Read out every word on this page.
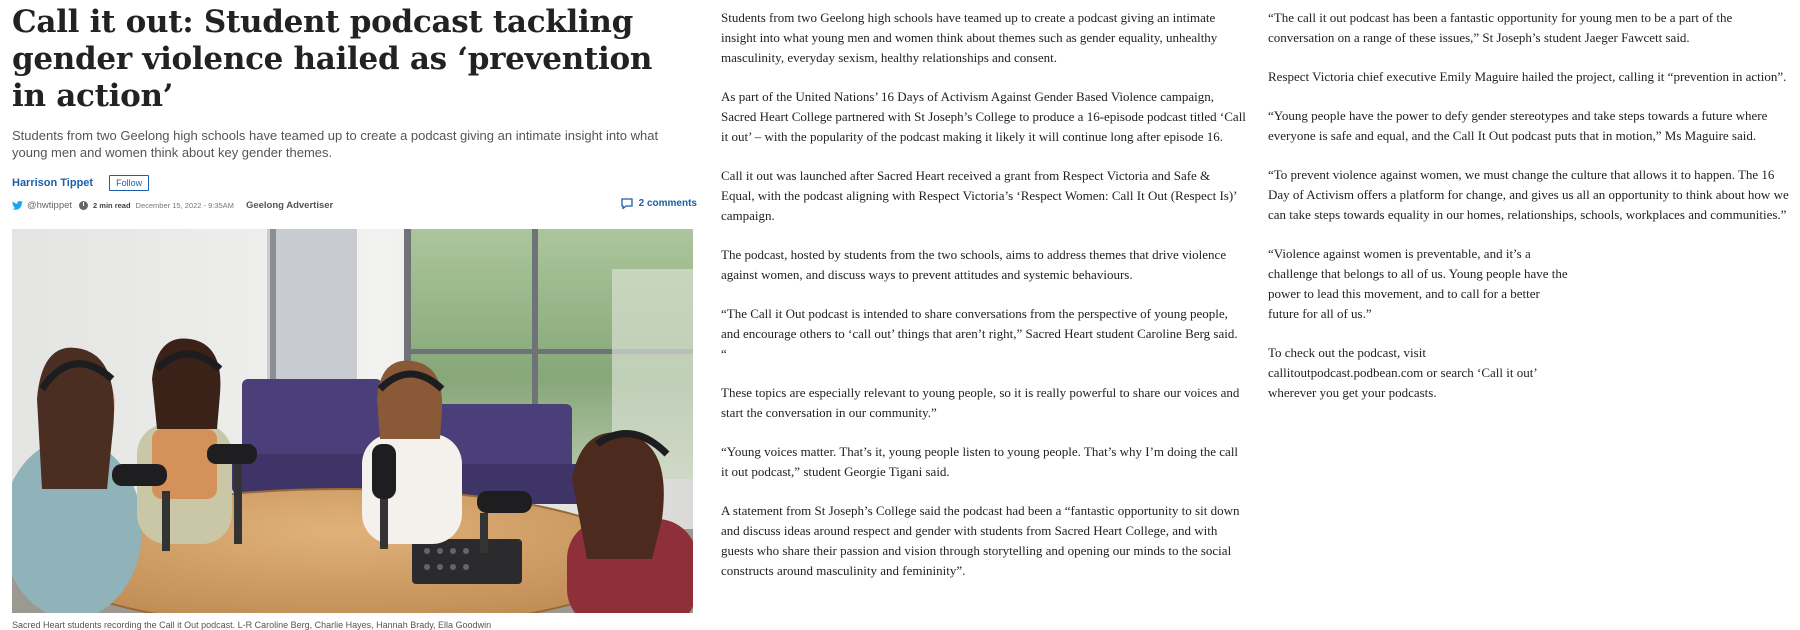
Call it out: Student podcast tackling gender violence hailed as ‘prevention in action’

Students from two Geelong high schools have teamed up to create a podcast giving an intimate insight into what young men and women think about key gender themes.

Harrison Tippet	Follow
@hwtippet	2 min read December 15, 2022 - 9:35AM Geelong Advertiser	2 comments
Sacred Heart students recording the Call it Out podcast. L-R Caroline Berg, Charlie Hayes, Hannah Brady, Ella Goodwin

Students from two Geelong high schools have teamed up to create a podcast giving an intimate insight into what young men and women think about themes such as gender equality, unhealthy masculinity, everyday sexism, healthy relationships and consent.

As part of the United Nations’ 16 Days of Activism Against Gender Based Violence campaign, Sacred Heart College partnered with St Joseph’s College to produce a 16-episode podcast titled ‘Call it out’ – with the popularity of the podcast making it likely it will continue long after episode 16.

Call it out was launched after Sacred Heart received a grant from Respect Victoria and Safe & Equal, with the podcast aligning with Respect Victoria’s ‘Respect Women: Call It Out (Respect Is)’ campaign.

The podcast, hosted by students from the two schools, aims to address themes that drive violence against women, and discuss ways to prevent attitudes and systemic behaviours.

“The Call it Out podcast is intended to share conversations from the perspective of young people, and encourage others to ‘call out’ things that aren’t right,” Sacred Heart student Caroline Berg said. “

These topics are especially relevant to young people, so it is really powerful to share our voices and start the conversation in our community.”

“Young voices matter. That’s it, young people listen to young people. That’s why I’m doing the call it out podcast,” student Georgie Tigani said.

A statement from St Joseph’s College said the podcast had been a “fantastic opportunity to sit down and discuss ideas around respect and gender with students from Sacred Heart College, and with guests who share their passion and vision through storytelling and opening our minds to the social constructs around masculinity and femininity”.

“The call it out podcast has been a fantastic opportunity for young men to be a part of the conversation on a range of these issues,” St Joseph’s student Jaeger Fawcett said.

Respect Victoria chief executive Emily Maguire hailed the project, calling it “prevention in action”.

“Young people have the power to defy gender stereotypes and take steps towards a future where everyone is safe and equal, and the Call It Out podcast puts that in motion,” Ms Maguire said.

“To prevent violence against women, we must change the culture that allows it to happen. The 16 Day of Activism offers a platform for change, and gives us all an opportunity to think about how we can take steps towards equality in our homes, relationships, schools, workplaces and communities.”

“Violence against women is preventable, and it’s a challenge that belongs to all of us. Young people have the power to lead this movement, and to call for a better future for all of us.”

To check out the podcast, visit callitoutpodcast.podbean.com or search ‘Call it out’ wherever you get your podcasts.
